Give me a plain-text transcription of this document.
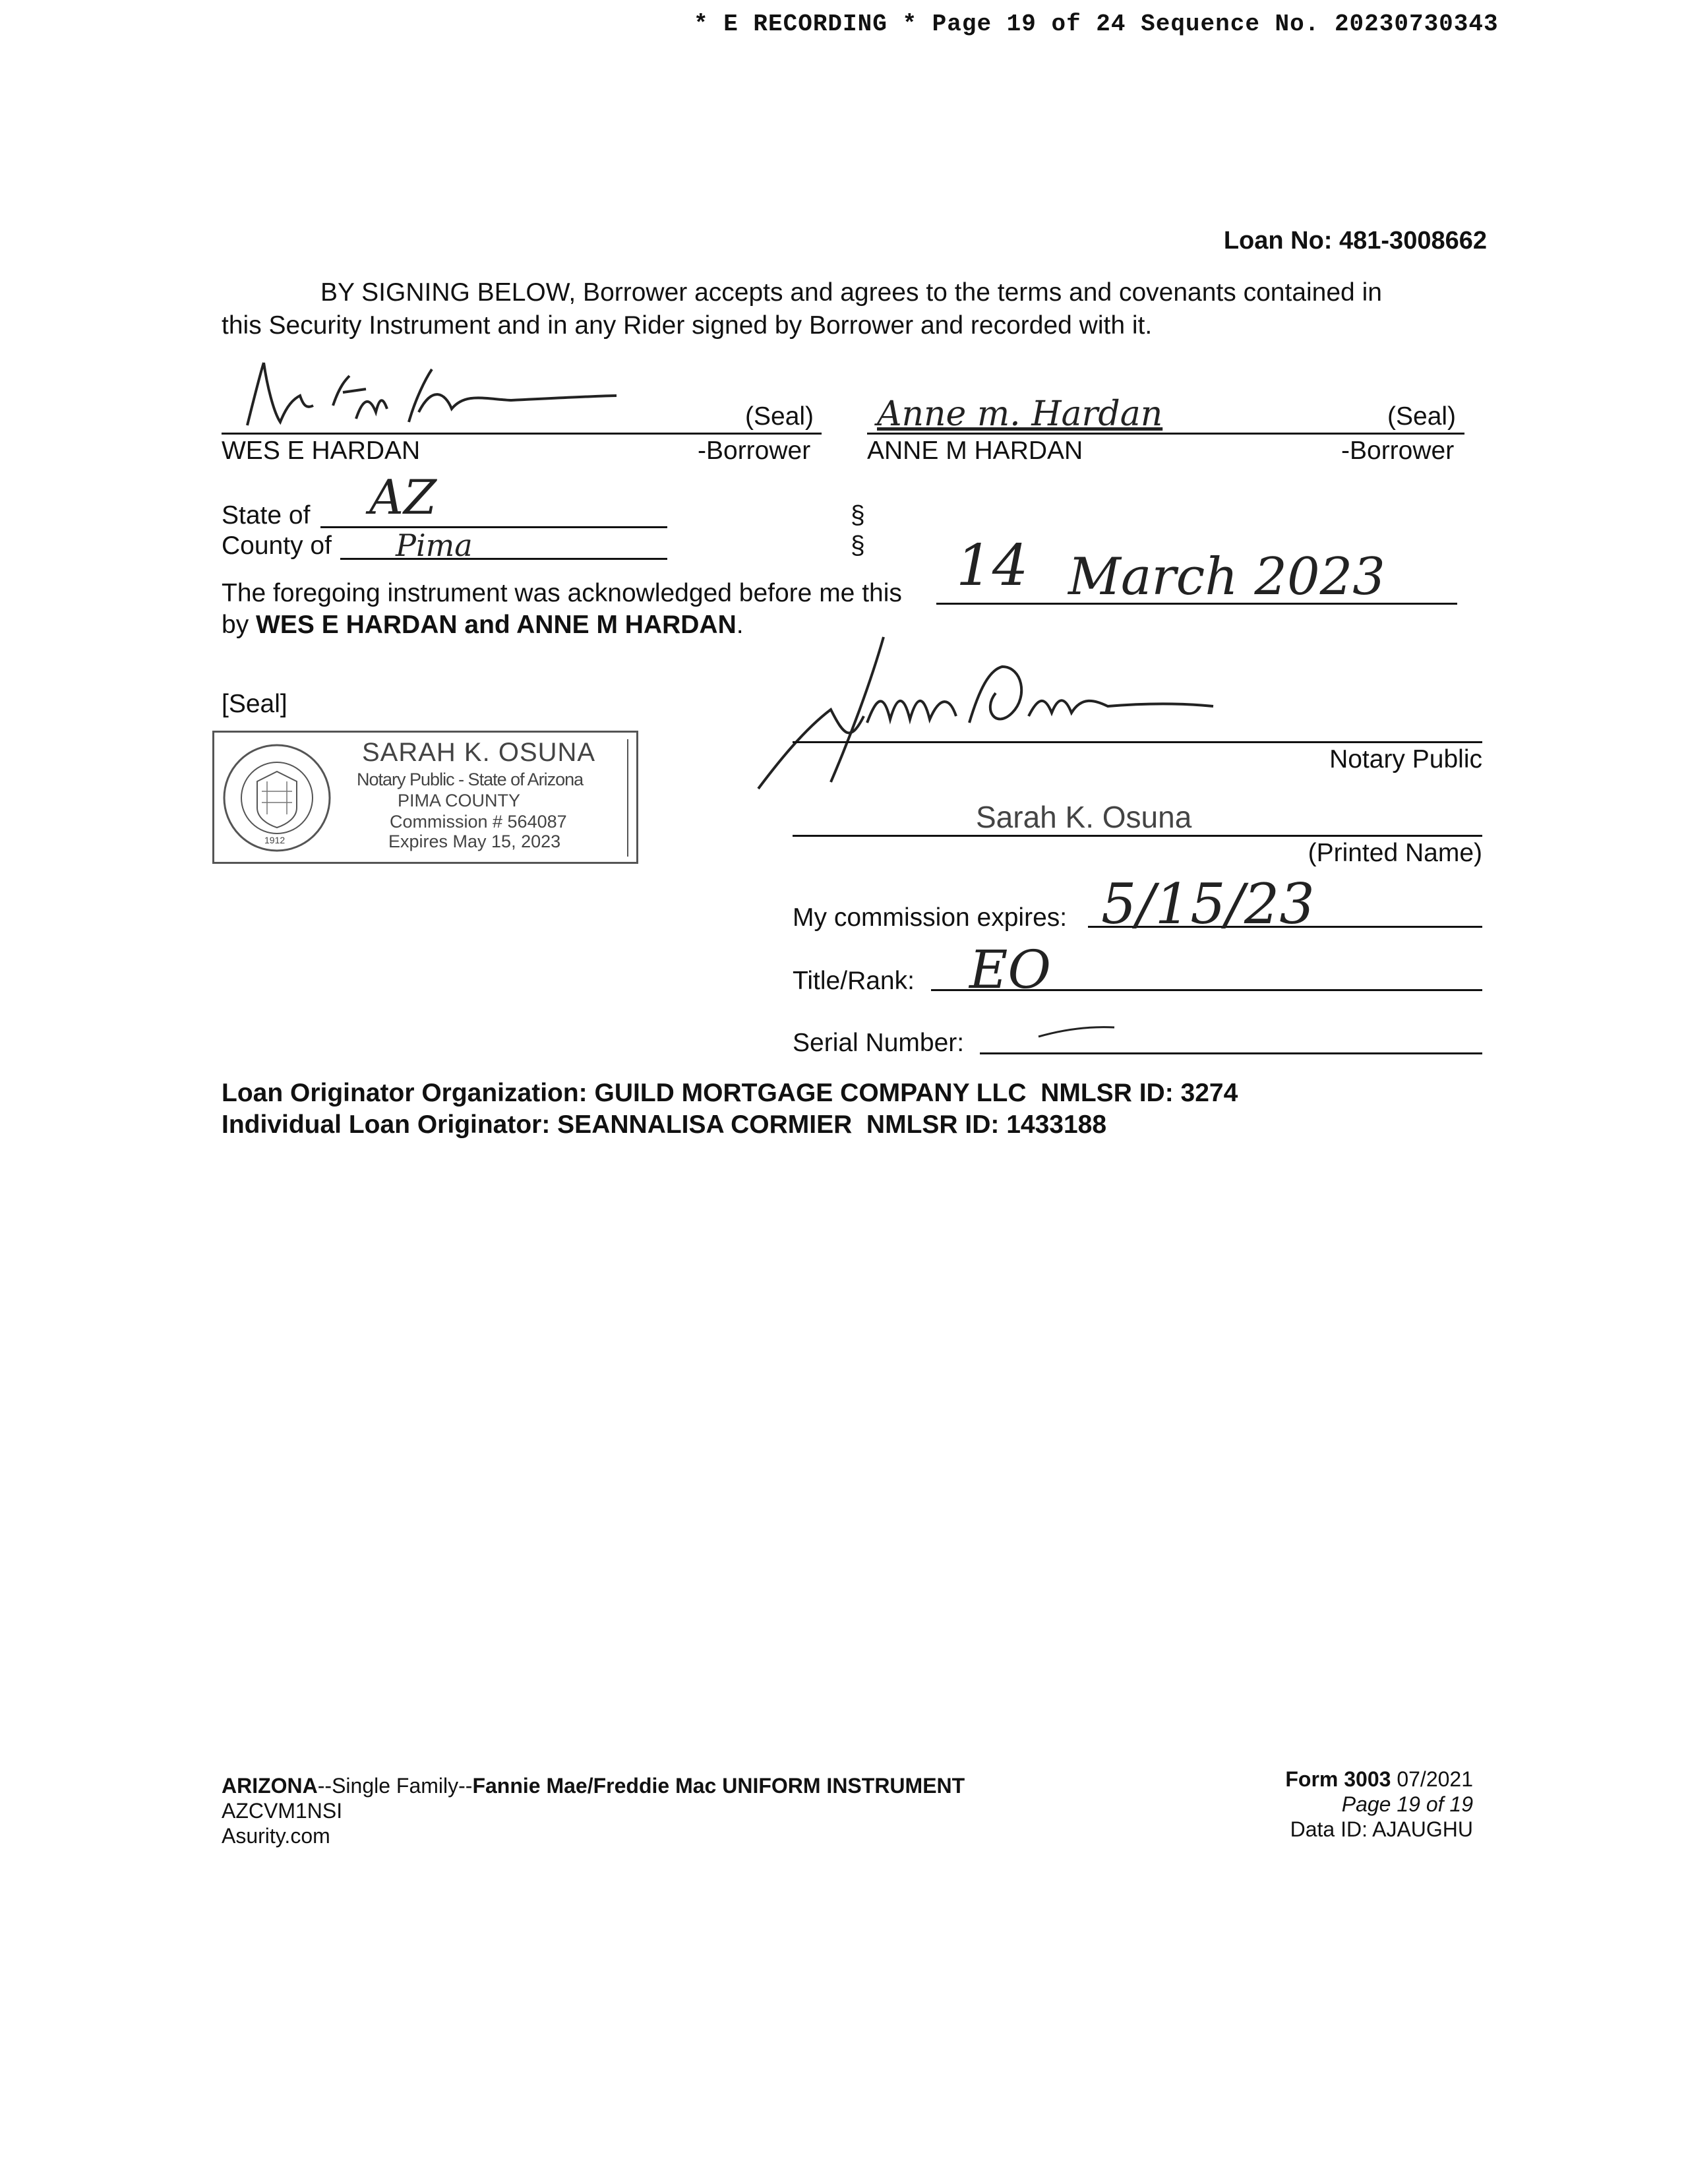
* E RECORDING * Page 19 of 24 Sequence No. 20230730343
Loan No: 481-3008662
BY SIGNING BELOW, Borrower accepts and agrees to the terms and covenants contained in
this Security Instrument and in any Rider signed by Borrower and recorded with it.
(Seal)
WES E HARDAN	-Borrower
Anne m. Hardan	(Seal)
ANNE M HARDAN	-Borrower
State of AZ	§
County of Pima	§
The foregoing instrument was acknowledged before me this 14 March 2023
by WES E HARDAN and ANNE M HARDAN.
[Seal]
1912
SARAH K. OSUNA
Notary Public - State of Arizona
PIMA COUNTY
Commission # 564087
Expires May 15, 2023
Notary Public
Sarah K. Osuna
(Printed Name)
My commission expires: 5/15/23
Title/Rank: EO
Serial Number:
Loan Originator Organization: GUILD MORTGAGE COMPANY LLC  NMLSR ID: 3274
Individual Loan Originator: SEANNALISA CORMIER  NMLSR ID: 1433188
ARIZONA--Single Family--Fannie Mae/Freddie Mac UNIFORM INSTRUMENT
AZCVM1NSI
Asurity.com
Form 3003 07/2021
Page 19 of 19
Data ID: AJAUGHU
